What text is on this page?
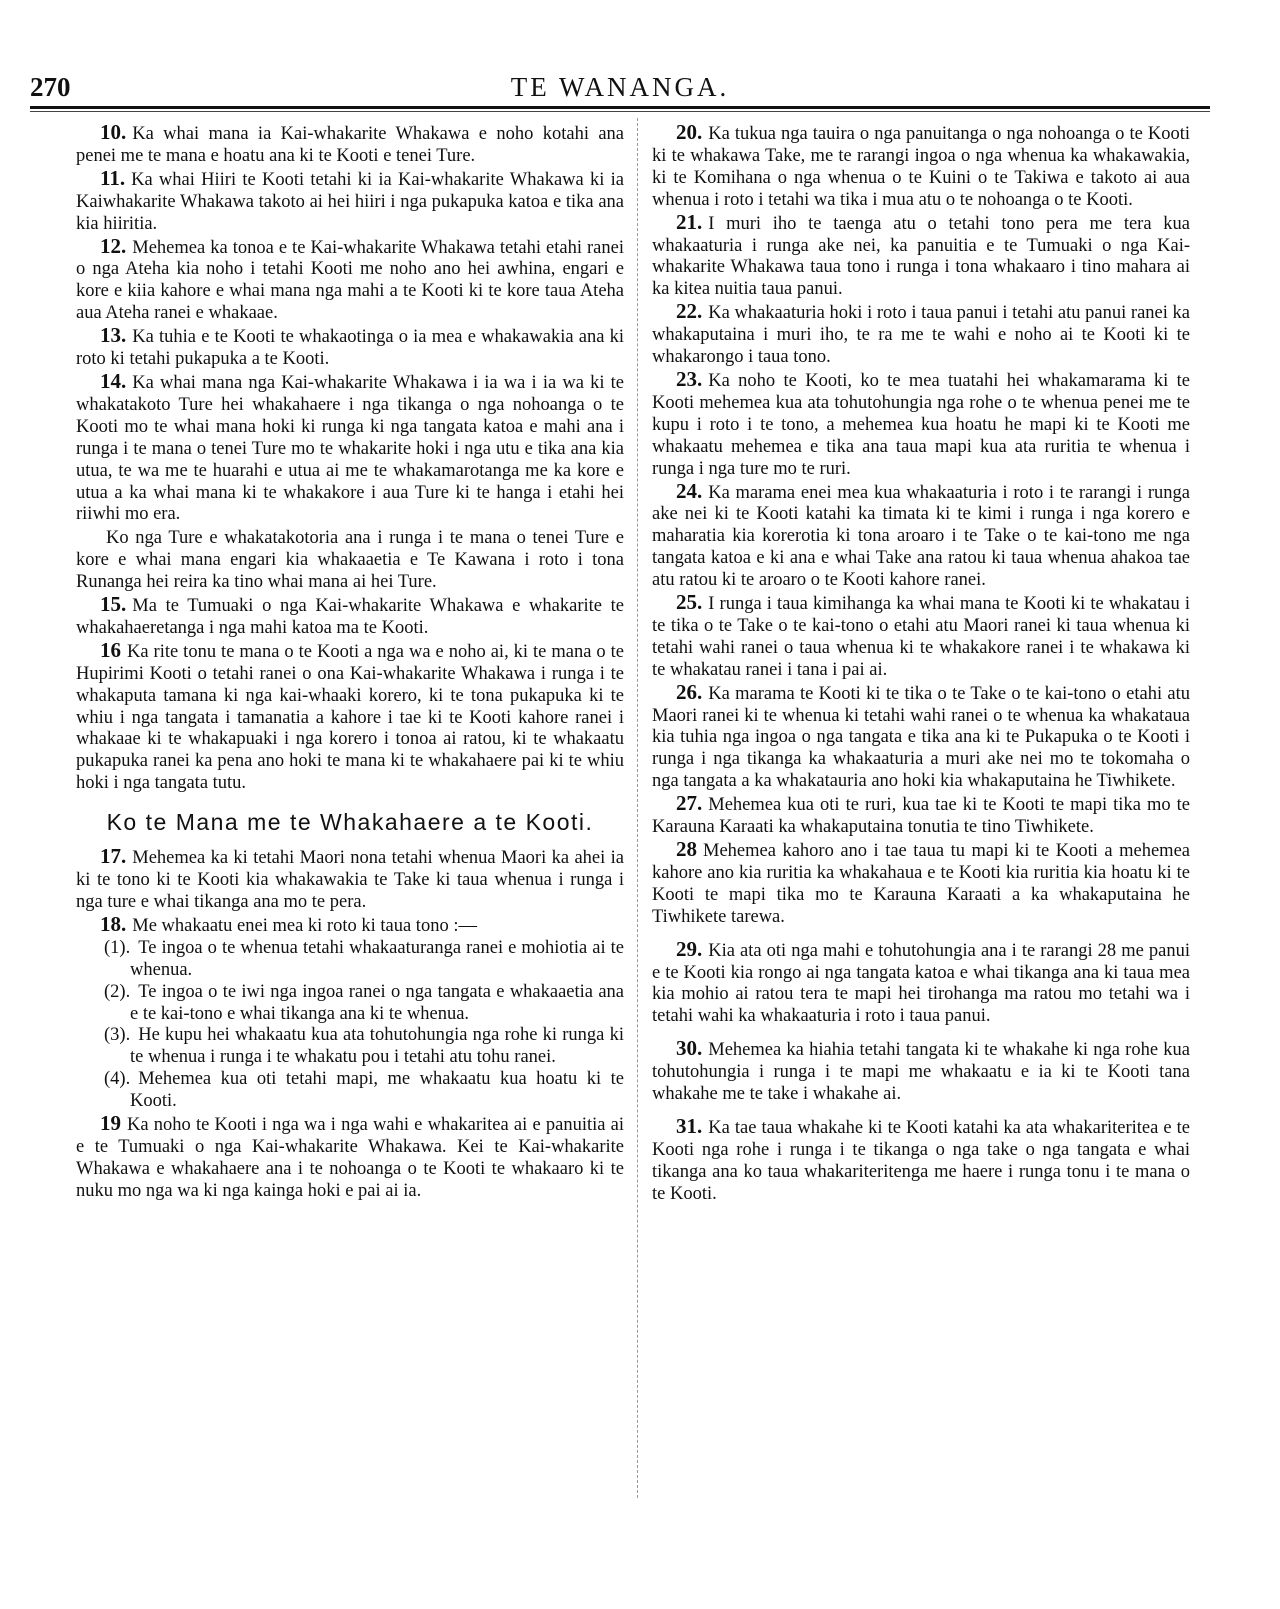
270	TE WANANGA.

10. Ka whai mana ia Kai-whakarite Whakawa e noho kotahi ana penei me te mana e hoatu ana ki te Kooti e tenei Ture.

11. Ka whai Hiiri te Kooti tetahi ki ia Kai-whakarite Whakawa ki ia Kaiwhakarite Whakawa takoto ai hei hiiri i nga pukapuka katoa e tika ana kia hiiritia.

12. Mehemea ka tonoa e te Kai-whakarite Whakawa tetahi etahi ranei o nga Ateha kia noho i tetahi Kooti me noho ano hei awhina, engari e kore e kiia kahore e whai mana nga mahi a te Kooti ki te kore taua Ateha aua Ateha ranei e whakaae.

13. Ka tuhia e te Kooti te whakaotinga o ia mea e whakawakia ana ki roto ki tetahi pukapuka a te Kooti.

14. Ka whai mana nga Kai-whakarite Whakawa i ia wa i ia wa ki te whakatakoto Ture hei whakahaere i nga tikanga o nga nohoanga o te Kooti mo te whai mana hoki ki runga ki nga tangata katoa e mahi ana i runga i te mana o tenei Ture mo te whakarite hoki i nga utu e tika ana kia utua, te wa me te huarahi e utua ai me te whakamarotanga me ka kore e utua a ka whai mana ki te whakakore i aua Ture ki te hanga i etahi hei riiwhi mo era.

Ko nga Ture e whakatakotoria ana i runga i te mana o tenei Ture e kore e whai mana engari kia whakaaetia e Te Kawana i roto i tona Runanga hei reira ka tino whai mana ai hei Ture.

15. Ma te Tumuaki o nga Kai-whakarite Whakawa e whakarite te whakahaeretanga i nga mahi katoa ma te Kooti.

16 Ka rite tonu te mana o te Kooti a nga wa e noho ai, ki te mana o te Hupirimi Kooti o tetahi ranei o ona Kai-whakarite Whakawa i runga i te whakaputa tamana ki nga kai-whaaki korero, ki te tona pukapuka ki te whiu i nga tangata i tamanatia a kahore i tae ki te Kooti kahore ranei i whakaae ki te whakapuaki i nga korero i tonoa ai ratou, ki te whakaatu pukapuka ranei ka pena ano hoki te mana ki te whakahaere pai ki te whiu hoki i nga tangata tutu.

Ko te Mana me te Whakahaere a te Kooti.

17. Mehemea ka ki tetahi Maori nona tetahi whenua Maori ka ahei ia ki te tono ki te Kooti kia whakawakia te Take ki taua whenua i runga i nga ture e whai tikanga ana mo te pera.

18. Me whakaatu enei mea ki roto ki taua tono :—

(1). Te ingoa o te whenua tetahi whakaaturanga ranei e mohiotia ai te whenua.

(2). Te ingoa o te iwi nga ingoa ranei o nga tangata e whakaaetia ana e te kai-tono e whai tikanga ana ki te whenua.

(3). He kupu hei whakaatu kua ata tohutohungia nga rohe ki runga ki te whenua i runga i te whakatu pou i tetahi atu tohu ranei.

(4). Mehemea kua oti tetahi mapi, me whakaatu kua hoatu ki te Kooti.

19 Ka noho te Kooti i nga wa i nga wahi e whakaritea ai e panuitia ai e te Tumuaki o nga Kai-whakarite Whakawa. Kei te Kai-whakarite Whakawa e whakahaere ana i te nohoanga o te Kooti te whakaaro ki te nuku mo nga wa ki nga kainga hoki e pai ai ia.

20. Ka tukua nga tauira o nga panuitanga o nga nohoanga o te Kooti ki te whakawa Take, me te rarangi ingoa o nga whenua ka whakawakia, ki te Komihana o nga whenua o te Kuini o te Takiwa e takoto ai aua whenua i roto i tetahi wa tika i mua atu o te nohoanga o te Kooti.

21. I muri iho te taenga atu o tetahi tono pera me tera kua whakaaturia i runga ake nei, ka panuitia e te Tumuaki o nga Kai-whakarite Whakawa taua tono i runga i tona whakaaro i tino mahara ai ka kitea nuitia taua panui.

22. Ka whakaaturia hoki i roto i taua panui i tetahi atu panui ranei ka whakaputaina i muri iho, te ra me te wahi e noho ai te Kooti ki te whakarongo i taua tono.

23. Ka noho te Kooti, ko te mea tuatahi hei whakamarama ki te Kooti mehemea kua ata tohutohungia nga rohe o te whenua penei me te kupu i roto i te tono, a mehemea kua hoatu he mapi ki te Kooti me whakaatu mehemea e tika ana taua mapi kua ata ruritia te whenua i runga i nga ture mo te ruri.

24. Ka marama enei mea kua whakaaturia i roto i te rarangi i runga ake nei ki te Kooti katahi ka timata ki te kimi i runga i nga korero e maharatia kia korerotia ki tona aroaro i te Take o te kai-tono me nga tangata katoa e ki ana e whai Take ana ratou ki taua whenua ahakoa tae atu ratou ki te aroaro o te Kooti kahore ranei.

25. I runga i taua kimihanga ka whai mana te Kooti ki te whakatau i te tika o te Take o te kai-tono o etahi atu Maori ranei ki taua whenua ki tetahi wahi ranei o taua whenua ki te whakakore ranei i te whakawa ki te whakatau ranei i tana i pai ai.

26. Ka marama te Kooti ki te tika o te Take o te kai-tono o etahi atu Maori ranei ki te whenua ki tetahi wahi ranei o te whenua ka whakatauа kia tuhia nga ingoa o nga tangata e tika ana ki te Pukapuka o te Kooti i runga i nga tikanga ka whakaaturia a muri ake nei mo te tokomaha o nga tangata a ka whakatauria ano hoki kia whakaputaina he Tiwhikete.

27. Mehemea kua oti te ruri, kua tae ki te Kooti te mapi tika mo te Karauna Karaati ka whakaputaina tonutia te tino Tiwhikete.

28 Mehemea kahoro ano i tae taua tu mapi ki te Kooti a mehemea kahore ano kia ruritia ka whakahaua e te Kooti kia ruritia kia hoatu ki te Kooti te mapi tika mo te Karauna Karaati a ka whakaputaina he Tiwhikete tarewa.

29. Kia ata oti nga mahi e tohutohungia ana i te rarangi 28 me panui e te Kooti kia rongo ai nga tangata katoa e whai tikanga ana ki taua mea kia mohio ai ratou tera te mapi hei tirohanga ma ratou mo tetahi wa i tetahi wahi ka whakaaturia i roto i taua panui.

30. Mehemea ka hiahia tetahi tangata ki te whakahe ki nga rohe kua tohutohungia i runga i te mapi me whakaatu e ia ki te Kooti tana whakahe me te take i whakahe ai.

31. Ka tae taua whakahe ki te Kooti katahi ka ata whakariteritea e te Kooti nga rohe i runga i te tikanga o nga take o nga tangata e whai tikanga ana ko taua whakariteritenga me haere i runga tonu i te mana o te Kooti.
